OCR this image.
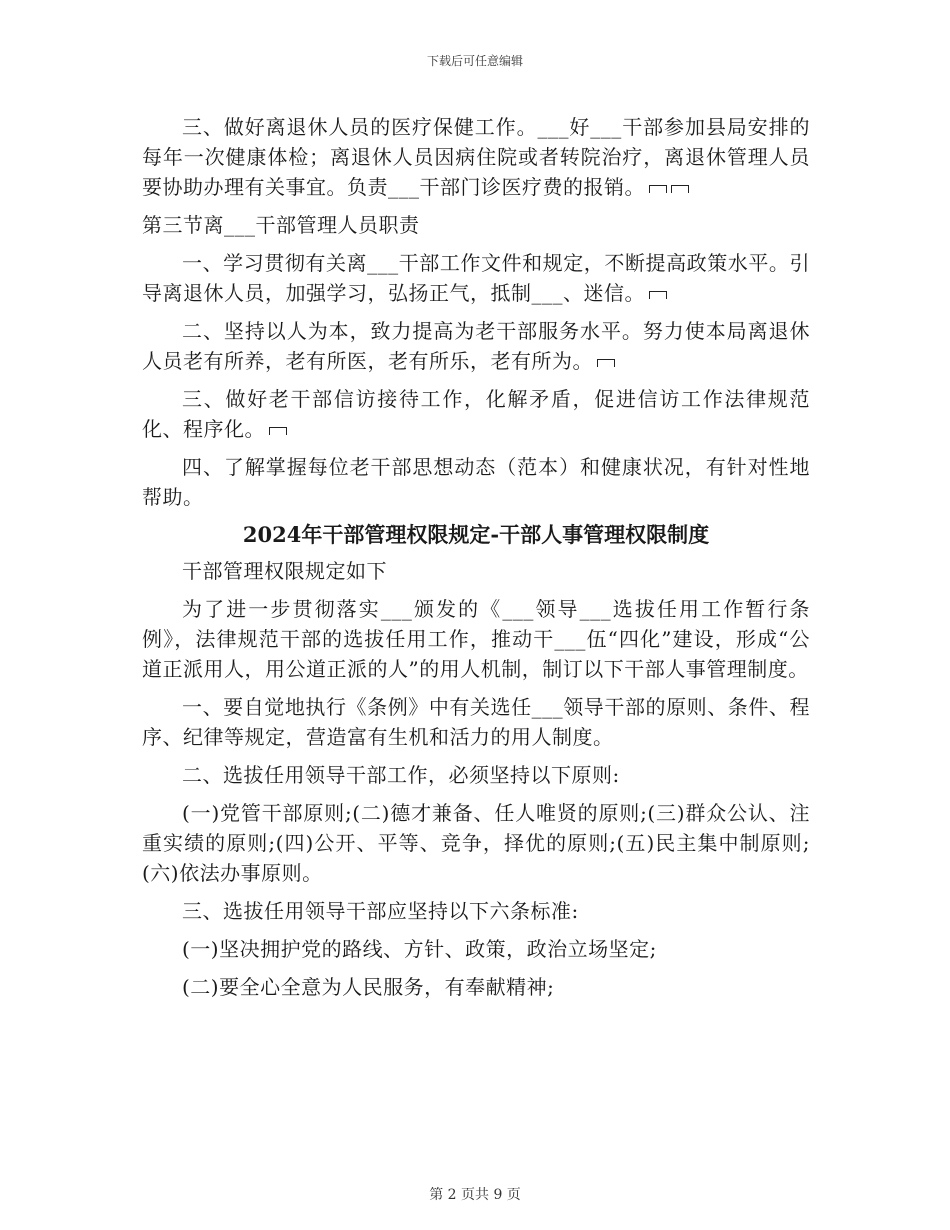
下载后可任意编辑

三、做好离退休人员的医疗保健工作。___好___干部参加县局安排的每年一次健康体检；离退休人员因病住院或者转院治疗，离退休管理人员要协助办理有关事宜。负责___干部门诊医疗费的报销。

第三节离___干部管理人员职责

一、学习贯彻有关离___干部工作文件和规定，不断提高政策水平。引导离退休人员，加强学习，弘扬正气，抵制___、迷信。

二、坚持以人为本，致力提高为老干部服务水平。努力使本局离退休人员老有所养，老有所医，老有所乐，老有所为。

三、做好老干部信访接待工作，化解矛盾，促进信访工作法律规范化、程序化。

四、了解掌握每位老干部思想动态（范本）和健康状况，有针对性地帮助。

2024年干部管理权限规定-干部人事管理权限制度

干部管理权限规定如下

为了进一步贯彻落实___颁发的《___领导___选拔任用工作暂行条例》，法律规范干部的选拔任用工作，推动干___伍“四化”建设，形成“公道正派用人，用公道正派的人”的用人机制，制订以下干部人事管理制度。

一、要自觉地执行《条例》中有关选任___领导干部的原则、条件、程序、纪律等规定，营造富有生机和活力的用人制度。

二、选拔任用领导干部工作，必须坚持以下原则:

(一)党管干部原则;(二)德才兼备、任人唯贤的原则;(三)群众公认、注重实绩的原则;(四)公开、平等、竞争，择优的原则;(五)民主集中制原则;(六)依法办事原则。

三、选拔任用领导干部应坚持以下六条标准:

(一)坚决拥护党的路线、方针、政策，政治立场坚定;

(二)要全心全意为人民服务，有奉献精神;

第 2 页共 9 页
